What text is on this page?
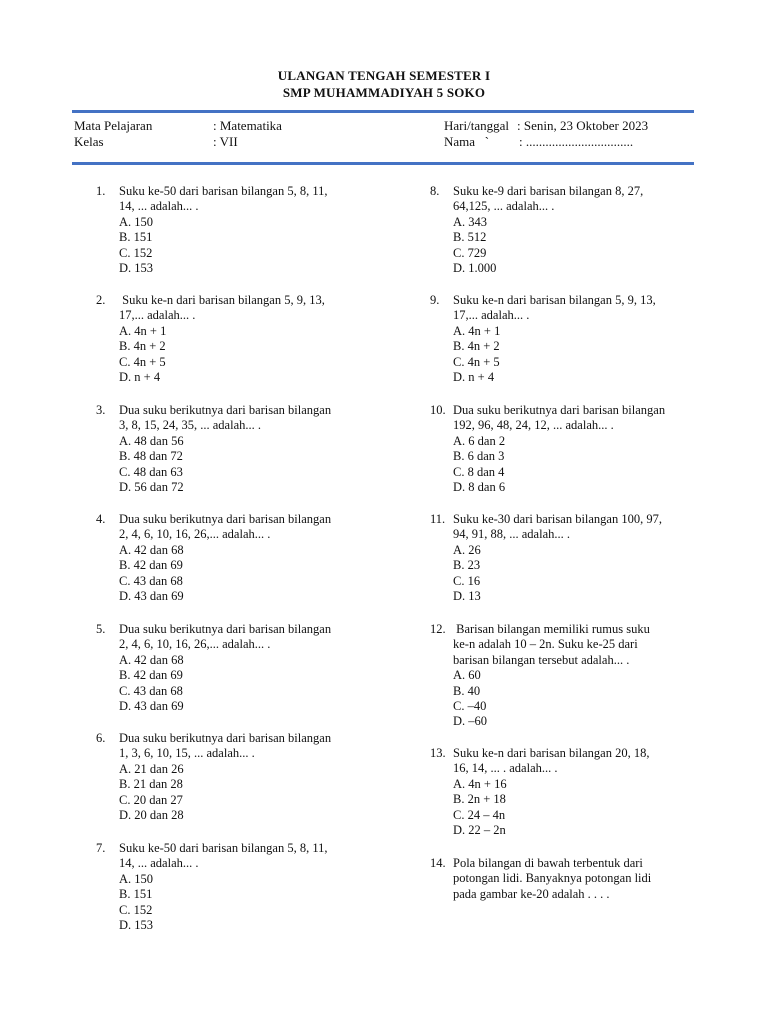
ULANGAN TENGAH SEMESTER I
SMP MUHAMMADIYAH 5 SOKO
Mata Pelajaran	: Matematika
Kelas	: VII
Hari/tanggal : Senin, 23 Oktober 2023
Nama   ` : .................................
1. Suku ke-50 dari barisan bilangan 5, 8, 11,
14, ... adalah... .
A. 150
B. 151
C. 152
D. 153
2. Suku ke-n dari barisan bilangan 5, 9, 13,
17,... adalah... .
A. 4n + 1
B. 4n + 2
C. 4n + 5
D. n + 4
3. Dua suku berikutnya dari barisan bilangan
3, 8, 15, 24, 35, ... adalah... .
A. 48 dan 56
B. 48 dan 72
C. 48 dan 63
D. 56 dan 72
4. Dua suku berikutnya dari barisan bilangan
2, 4, 6, 10, 16, 26,... adalah... .
A. 42 dan 68
B. 42 dan 69
C. 43 dan 68
D. 43 dan 69
5. Dua suku berikutnya dari barisan bilangan
2, 4, 6, 10, 16, 26,... adalah... .
A. 42 dan 68
B. 42 dan 69
C. 43 dan 68
D. 43 dan 69
6. Dua suku berikutnya dari barisan bilangan
1, 3, 6, 10, 15, ... adalah... .
A. 21 dan 26
B. 21 dan 28
C. 20 dan 27
D. 20 dan 28
7. Suku ke-50 dari barisan bilangan 5, 8, 11,
14, ... adalah... .
A. 150
B. 151
C. 152
D. 153
8. Suku ke-9 dari barisan bilangan 8, 27,
64,125, ... adalah... .
A. 343
B. 512
C. 729
D. 1.000
9. Suku ke-n dari barisan bilangan 5, 9, 13,
17,... adalah... .
A. 4n + 1
B. 4n + 2
C. 4n + 5
D. n + 4
10. Dua suku berikutnya dari barisan bilangan
192, 96, 48, 24, 12, ... adalah... .
A. 6 dan 2
B. 6 dan 3
C. 8 dan 4
D. 8 dan 6
11. Suku ke-30 dari barisan bilangan 100, 97,
94, 91, 88, ... adalah... .
A. 26
B. 23
C. 16
D. 13
12. Barisan bilangan memiliki rumus suku
ke-n adalah 10 – 2n. Suku ke-25 dari
barisan bilangan tersebut adalah... .
A. 60
B. 40
C. –40
D. –60
13. Suku ke-n dari barisan bilangan 20, 18,
16, 14, ... . adalah... .
A. 4n + 16
B. 2n + 18
C. 24 – 4n
D. 22 – 2n
14. Pola bilangan di bawah terbentuk dari
potongan lidi. Banyaknya potongan lidi
pada gambar ke-20 adalah . . . .
